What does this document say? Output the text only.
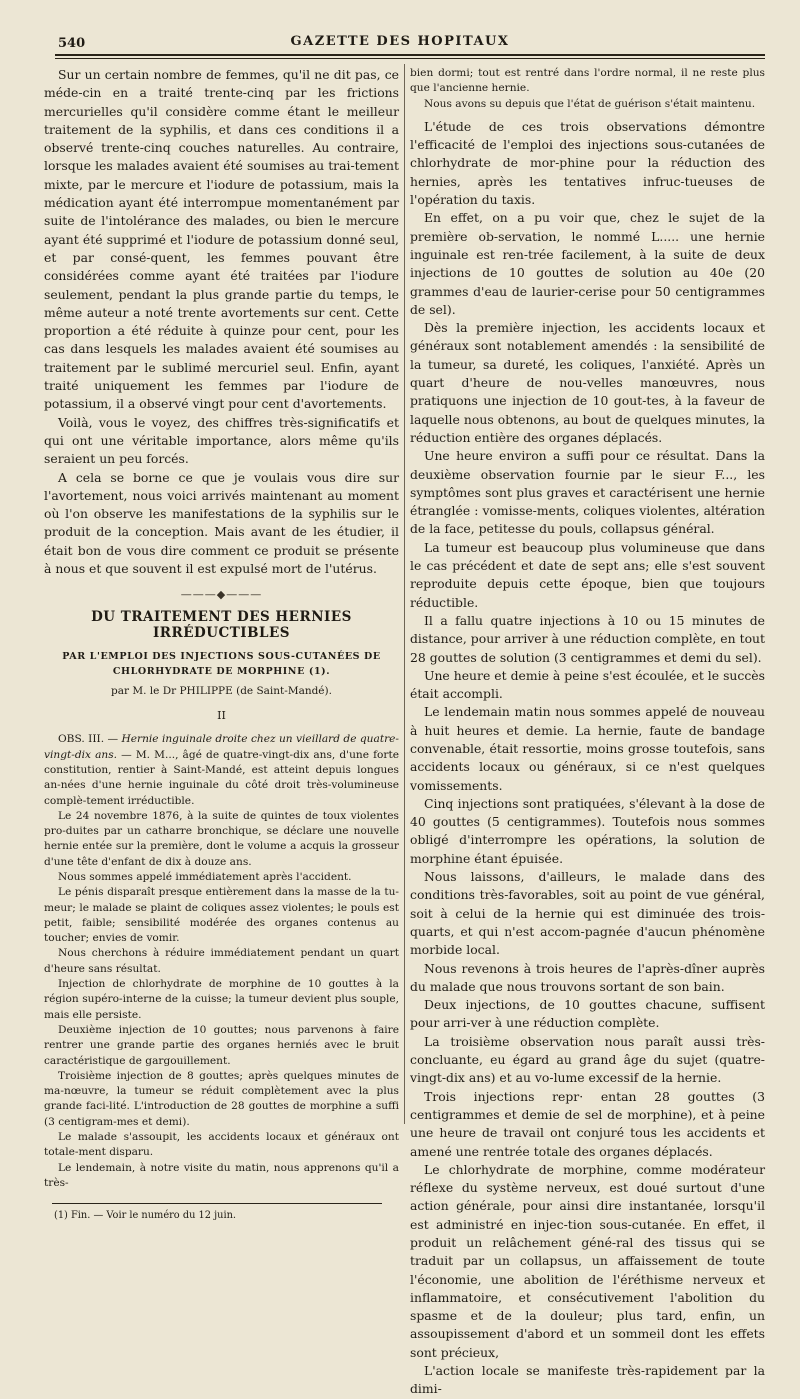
540	GAZETTE DES HOPITAUX

Sur un certain nombre de femmes, qu'il ne dit pas, ce méde-cin en a traité trente-cinq par les frictions mercurielles qu'il considère comme étant le meilleur traitement de la syphilis, et dans ces conditions il a observé trente-cinq couches naturelles. Au contraire, lorsque les malades avaient été soumises au trai-tement mixte, par le mercure et l'iodure de potassium, mais la médication ayant été interrompue momentanément par suite de l'intolérance des malades, ou bien le mercure ayant été supprimé et l'iodure de potassium donné seul, et par consé-quent, les femmes pouvant être considérées comme ayant été traitées par l'iodure seulement, pendant la plus grande partie du temps, le même auteur a noté trente avortements sur cent. Cette proportion a été réduite à quinze pour cent, pour les cas dans lesquels les malades avaient été soumises au traitement par le sublimé mercuriel seul. Enfin, ayant traité uniquement les femmes par l'iodure de potassium, il a observé vingt pour cent d'avortements.

Voilà, vous le voyez, des chiffres très-significatifs et qui ont une véritable importance, alors même qu'ils seraient un peu forcés.

A cela se borne ce que je voulais vous dire sur l'avortement, nous voici arrivés maintenant au moment où l'on observe les manifestations de la syphilis sur le produit de la conception. Mais avant de les étudier, il était bon de vous dire comment ce produit se présente à nous et que souvent il est expulsé mort de l'utérus.

———◆———
DU TRAITEMENT DES HERNIES IRRÉDUCTIBLES
PAR L'EMPLOI DES INJECTIONS SOUS-CUTANÉES DE CHLORHYDRATE DE MORPHINE (1).
par M. le Dr PHILIPPE (de Saint-Mandé).
II

OBS. III. — Hernie inguinale droite chez un vieillard de quatre-vingt-dix ans. — M. M..., âgé de quatre-vingt-dix ans, d'une forte constitution, rentier à Saint-Mandé, est atteint depuis longues an-nées d'une hernie inguinale du côté droit très-volumineuse complè-tement irréductible.

Le 24 novembre 1876, à la suite de quintes de toux violentes pro-duites par un catharre bronchique, se déclare une nouvelle hernie entée sur la première, dont le volume a acquis la grosseur d'une tête d'enfant de dix à douze ans.

Nous sommes appelé immédiatement après l'accident.

Le pénis disparaît presque entièrement dans la masse de la tu-meur; le malade se plaint de coliques assez violentes; le pouls est petit, faible; sensibilité modérée des organes contenus au toucher; envies de vomir.

Nous cherchons à réduire immédiatement pendant un quart d'heure sans résultat.

Injection de chlorhydrate de morphine de 10 gouttes à la région supéro-interne de la cuisse; la tumeur devient plus souple, mais elle persiste.

Deuxième injection de 10 gouttes; nous parvenons à faire rentrer une grande partie des organes herniés avec le bruit caractéristique de gargouillement.

Troisième injection de 8 gouttes; après quelques minutes de ma-nœuvre, la tumeur se réduit complètement avec la plus grande faci-lité. L'introduction de 28 gouttes de morphine a suffi (3 centigram-mes et demi).

Le malade s'assoupit, les accidents locaux et généraux ont totale-ment disparu.

Le lendemain, à notre visite du matin, nous apprenons qu'il a très-

(1) Fin. — Voir le numéro du 12 juin.

bien dormi; tout est rentré dans l'ordre normal, il ne reste plus que l'ancienne hernie.

Nous avons su depuis que l'état de guérison s'était maintenu.

L'étude de ces trois observations démontre l'efficacité de l'emploi des injections sous-cutanées de chlorhydrate de mor-phine pour la réduction des hernies, après les tentatives infruc-tueuses de l'opération du taxis.

En effet, on a pu voir que, chez le sujet de la première ob-servation, le nommé L..... une hernie inguinale est ren-trée facilement, à la suite de deux injections de 10 gouttes de solution au 40e (20 grammes d'eau de laurier-cerise pour 50 centigrammes de sel).

Dès la première injection, les accidents locaux et généraux sont notablement amendés : la sensibilité de la tumeur, sa dureté, les coliques, l'anxiété. Après un quart d'heure de nou-velles manœuvres, nous pratiquons une injection de 10 gout-tes, à la faveur de laquelle nous obtenons, au bout de quelques minutes, la réduction entière des organes déplacés.

Une heure environ a suffi pour ce résultat. Dans la deuxième observation fournie par le sieur F..., les symptômes sont plus graves et caractérisent une hernie étranglée : vomisse-ments, coliques violentes, altération de la face, petitesse du pouls, collapsus général.

La tumeur est beaucoup plus volumineuse que dans le cas précédent et date de sept ans; elle s'est souvent reproduite depuis cette époque, bien que toujours réductible.

Il a fallu quatre injections à 10 ou 15 minutes de distance, pour arriver à une réduction complète, en tout 28 gouttes de solution (3 centigrammes et demi du sel).

Une heure et demie à peine s'est écoulée, et le succès était accompli.

Le lendemain matin nous sommes appelé de nouveau à huit heures et demie. La hernie, faute de bandage convenable, était ressortie, moins grosse toutefois, sans accidents locaux ou généraux, si ce n'est quelques vomissements.

Cinq injections sont pratiquées, s'élevant à la dose de 40 gouttes (5 centigrammes). Toutefois nous sommes obligé d'interrompre les opérations, la solution de morphine étant épuisée.

Nous laissons, d'ailleurs, le malade dans des conditions très-favorables, soit au point de vue général, soit à celui de la hernie qui est diminuée des trois-quarts, et qui n'est accom-pagnée d'aucun phénomène morbide local.

Nous revenons à trois heures de l'après-dîner auprès du malade que nous trouvons sortant de son bain.

Deux injections, de 10 gouttes chacune, suffisent pour arri-ver à une réduction complète.

La troisième observation nous paraît aussi très-concluante, eu égard au grand âge du sujet (quatre-vingt-dix ans) et au vo-lume excessif de la hernie.

Trois injections repr· entan 28 gouttes (3 centigrammes et demie de sel de morphine), et à peine une heure de travail ont conjuré tous les accidents et amené une rentrée totale des organes déplacés.

Le chlorhydrate de morphine, comme modérateur réflexe du système nerveux, est doué surtout d'une action générale, pour ainsi dire instantanée, lorsqu'il est administré en injec-tion sous-cutanée. En effet, il produit un relâchement géné-ral des tissus qui se traduit par un collapsus, un affaissement de toute l'économie, une abolition de l'éréthisme nerveux et inflammatoire, et consécutivement l'abolition du spasme et de la douleur; plus tard, enfin, un assoupissement d'abord et un sommeil dont les effets sont précieux,

L'action locale se manifeste très-rapidement par la dimi-
